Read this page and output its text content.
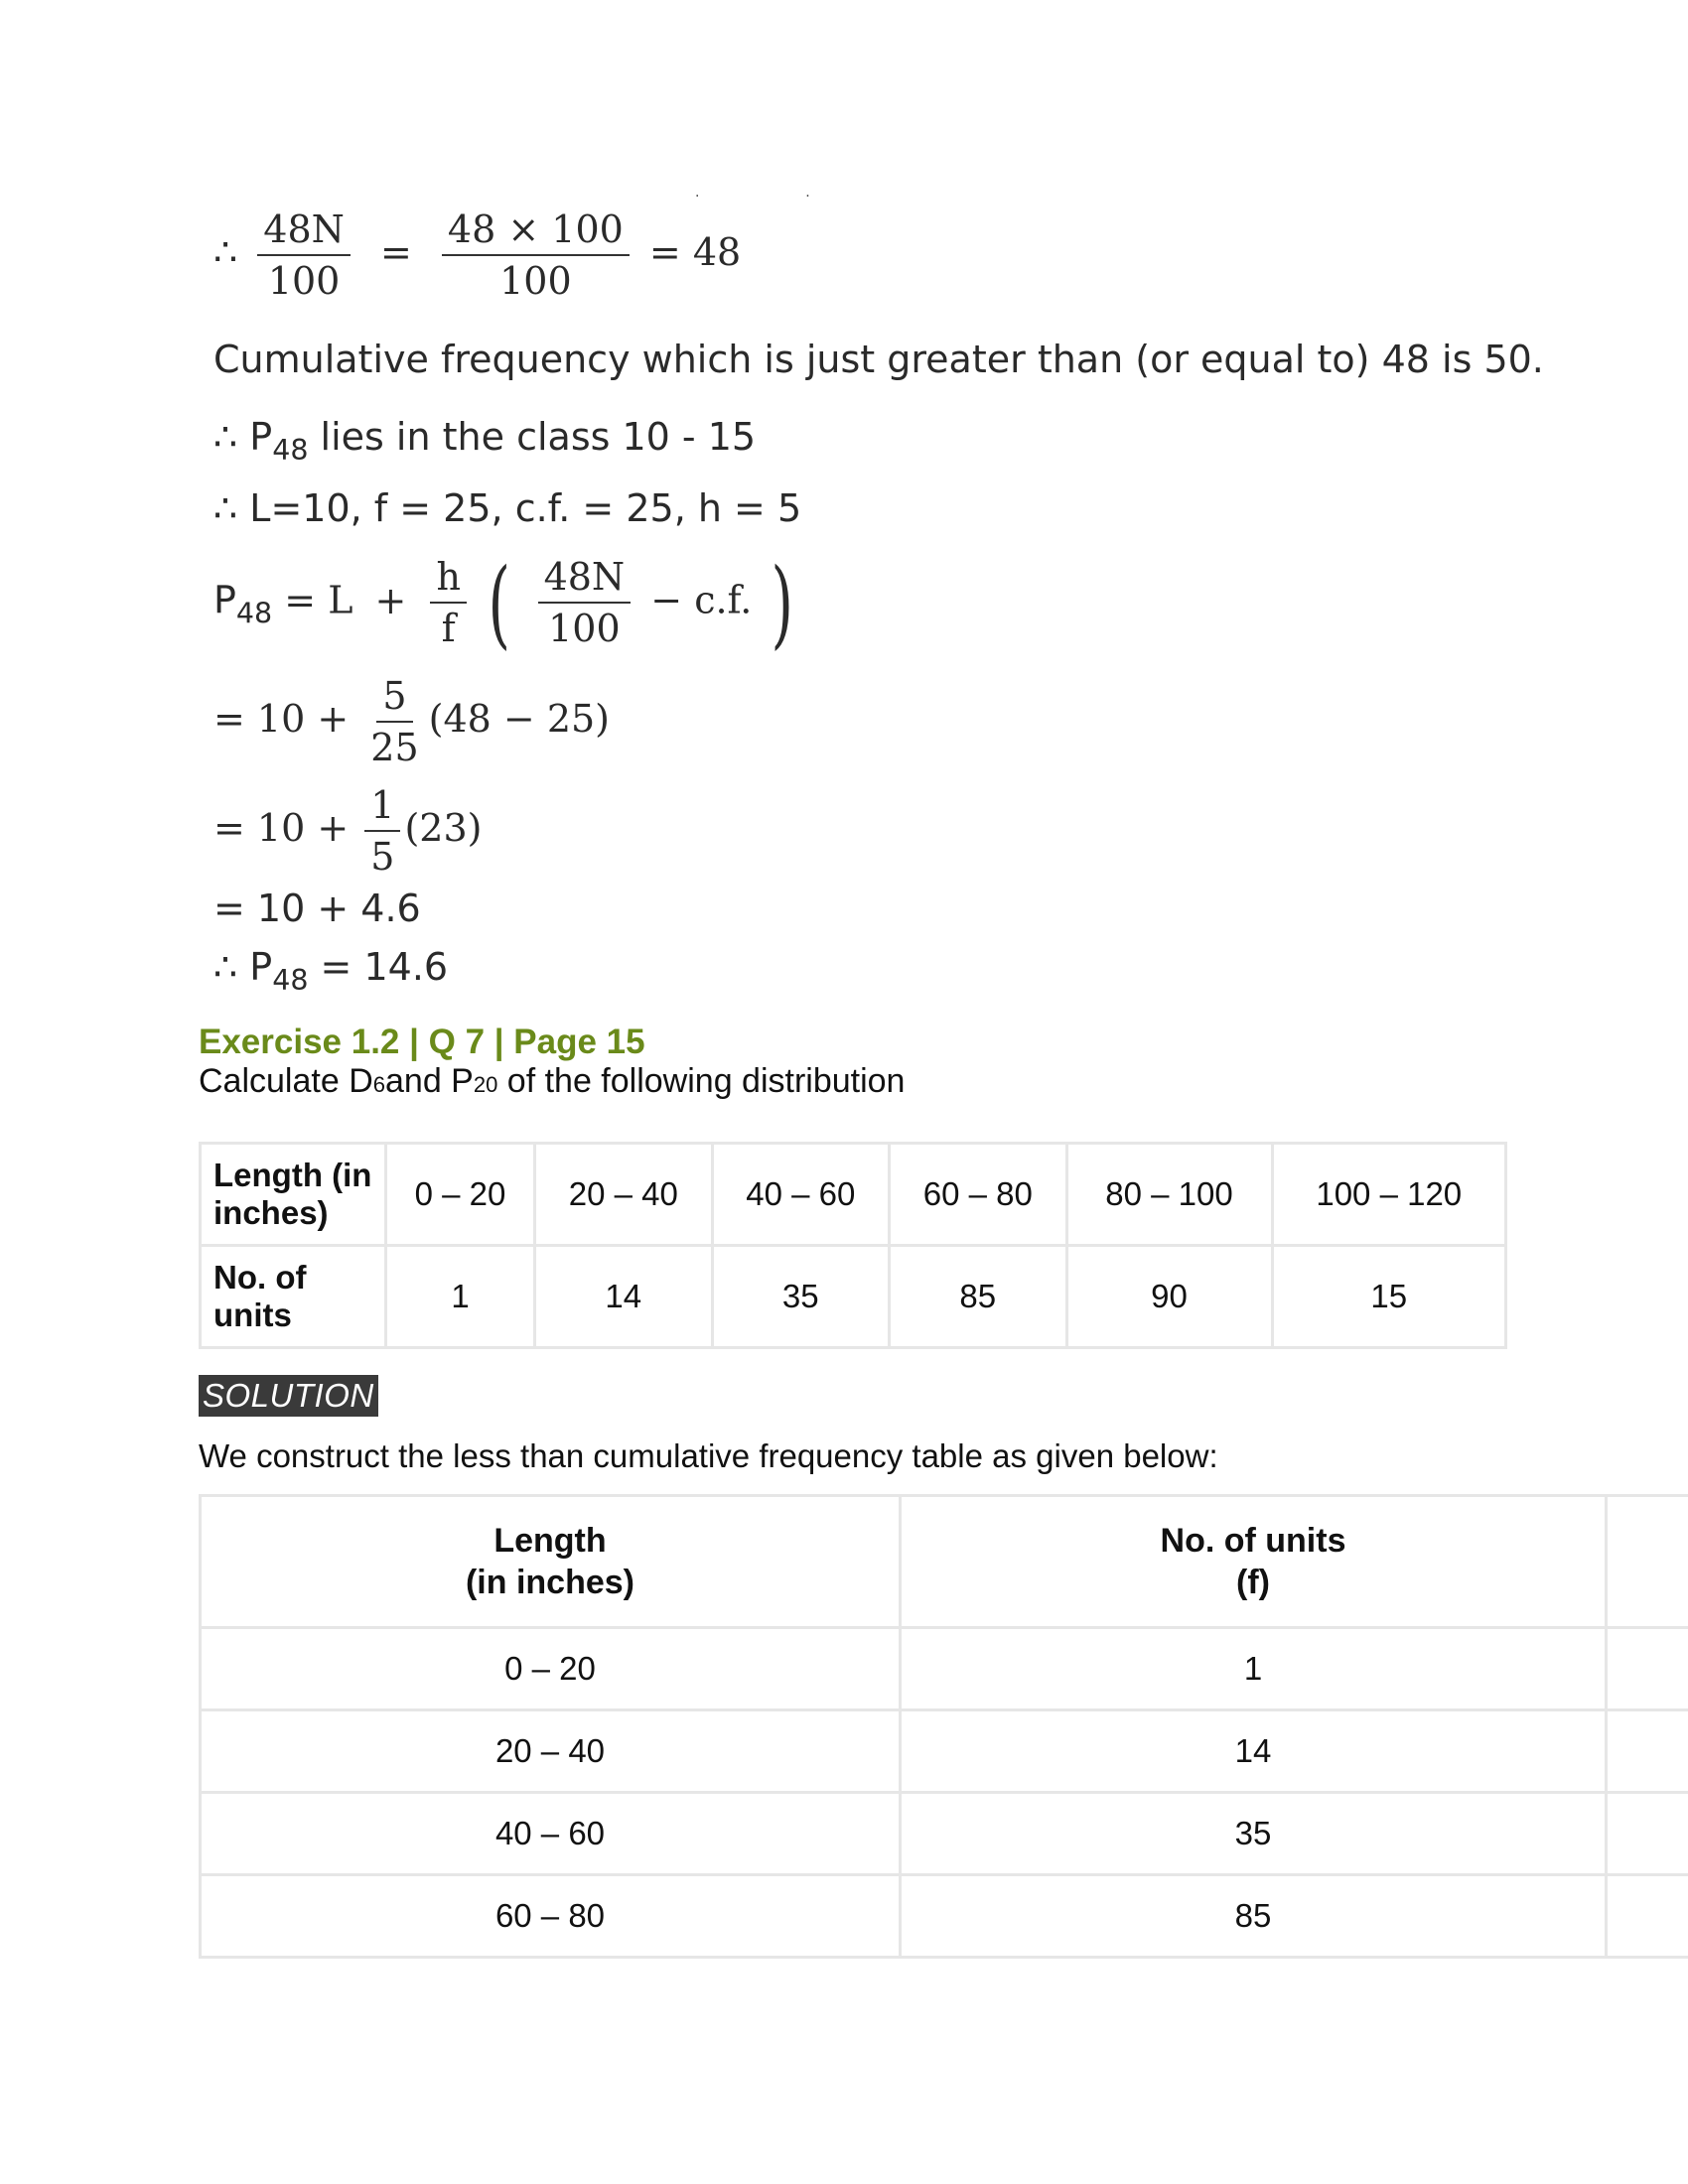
·                        ·
∴ $\frac{48N}{100} = \frac{48 \times 100}{100} = 48$
Cumulative frequency which is just greater than (or equal to) 48 is 50.
∴ $P_{48}$ lies in the class 10 - 15
∴ L=10, f = 25, c.f. = 25, h = 5
$P_{48} = L + \frac{h}{f}$ ( $\frac{48N}{100} - c.f$. )
= $10 + \frac{5}{25} (48 - 25)$
= $10 + \frac{1}{5} (23)$
= 10 + 4.6
∴ $P_{48} = 14.6$
Exercise 1.2 | Q 7 | Page 15
Calculate D6and P20 of the following distribution
Length (in inches)	0 – 20	20 – 40	40 – 60	60 – 80	80 – 100	100 – 120
No. of units	1	14	35	85	90	15
SOLUTION
We construct the less than cumulative frequency table as given below:
Length
(in inches)	No. of units
(f)	
0 – 20	1	
20 – 40	14	
40 – 60	35	
60 – 80	85	
